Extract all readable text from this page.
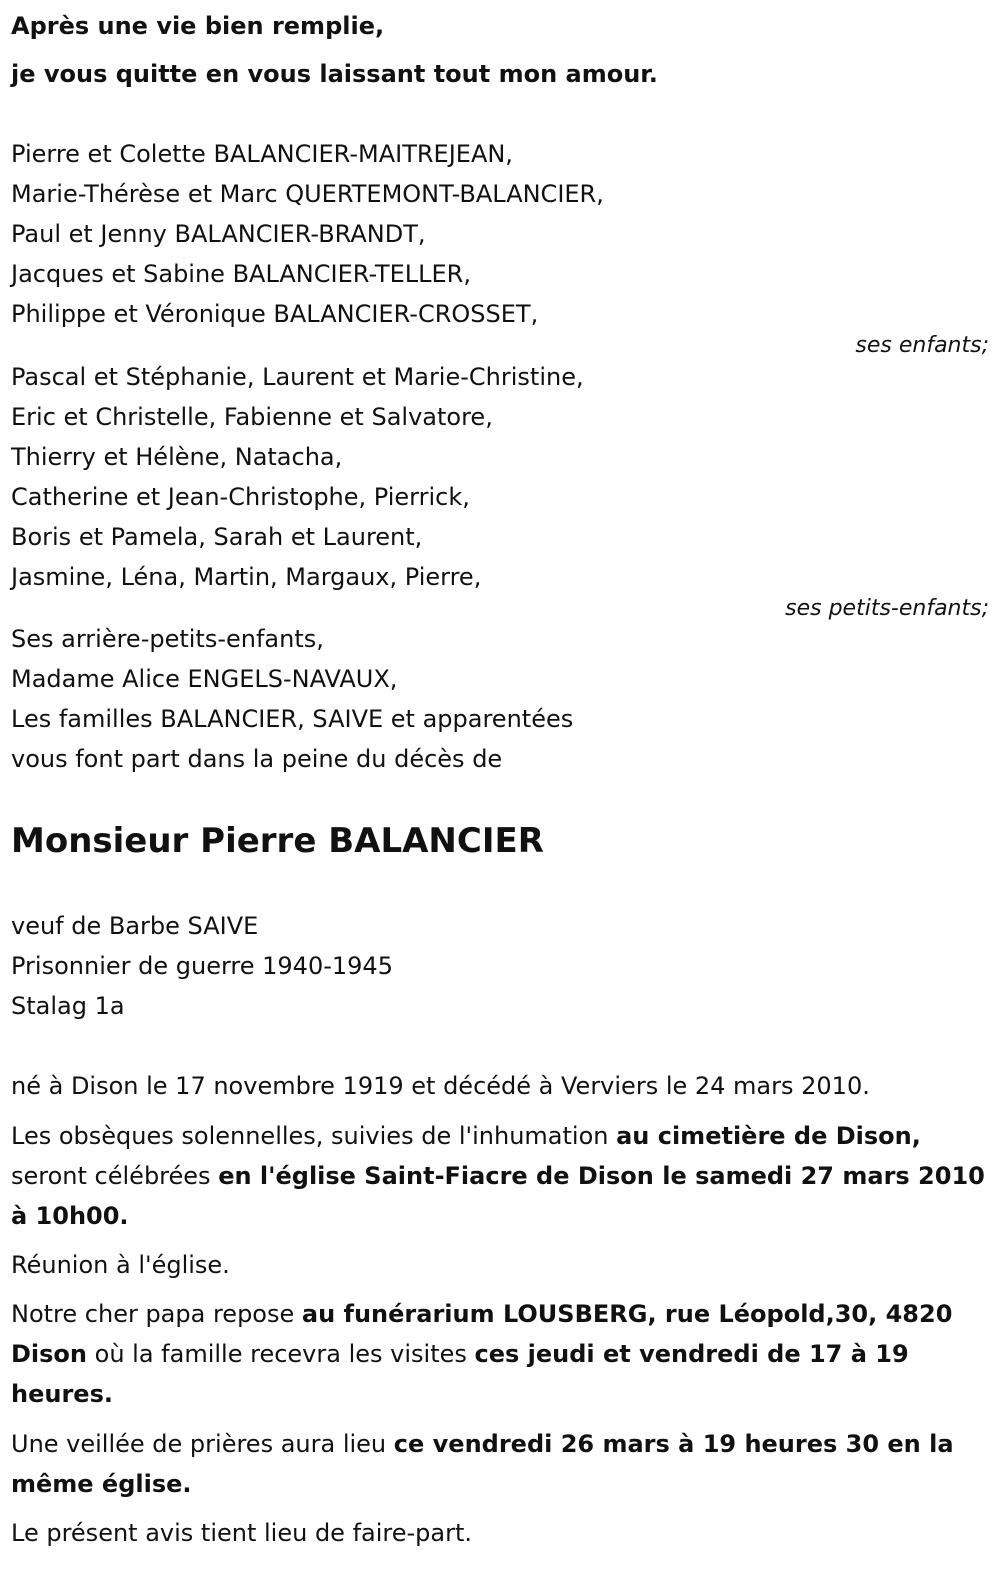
Après une vie bien remplie,

je vous quitte en vous laissant tout mon amour.

Pierre et Colette BALANCIER-MAITREJEAN,

Marie-Thérèse et Marc QUERTEMONT-BALANCIER,

Paul et Jenny BALANCIER-BRANDT,

Jacques et Sabine BALANCIER-TELLER,

Philippe et Véronique BALANCIER-CROSSET,

ses enfants;

Pascal et Stéphanie, Laurent et Marie-Christine,

Eric et Christelle, Fabienne et Salvatore,

Thierry et Hélène, Natacha,

Catherine et Jean-Christophe, Pierrick,

Boris et Pamela, Sarah et Laurent,

Jasmine, Léna, Martin, Margaux, Pierre,

ses petits-enfants;

Ses arrière-petits-enfants,

Madame Alice ENGELS-NAVAUX,

Les familles BALANCIER, SAIVE et apparentées

vous font part dans la peine du décès de

Monsieur Pierre BALANCIER

veuf de Barbe SAIVE

Prisonnier de guerre 1940-1945

Stalag 1a

né à Dison le 17 novembre 1919 et décédé à Verviers le 24 mars 2010.

Les obsèques solennelles, suivies de l'inhumation au cimetière de Dison, seront célébrées en l'église Saint-Fiacre de Dison le samedi 27 mars 2010 à 10h00.

Réunion à l'église.

Notre cher papa repose au funérarium LOUSBERG, rue Léopold,30, 4820 Dison où la famille recevra les visites ces jeudi et vendredi de 17 à 19 heures.

Une veillée de prières aura lieu ce vendredi 26 mars à 19 heures 30 en la même église.

Le présent avis tient lieu de faire-part.
